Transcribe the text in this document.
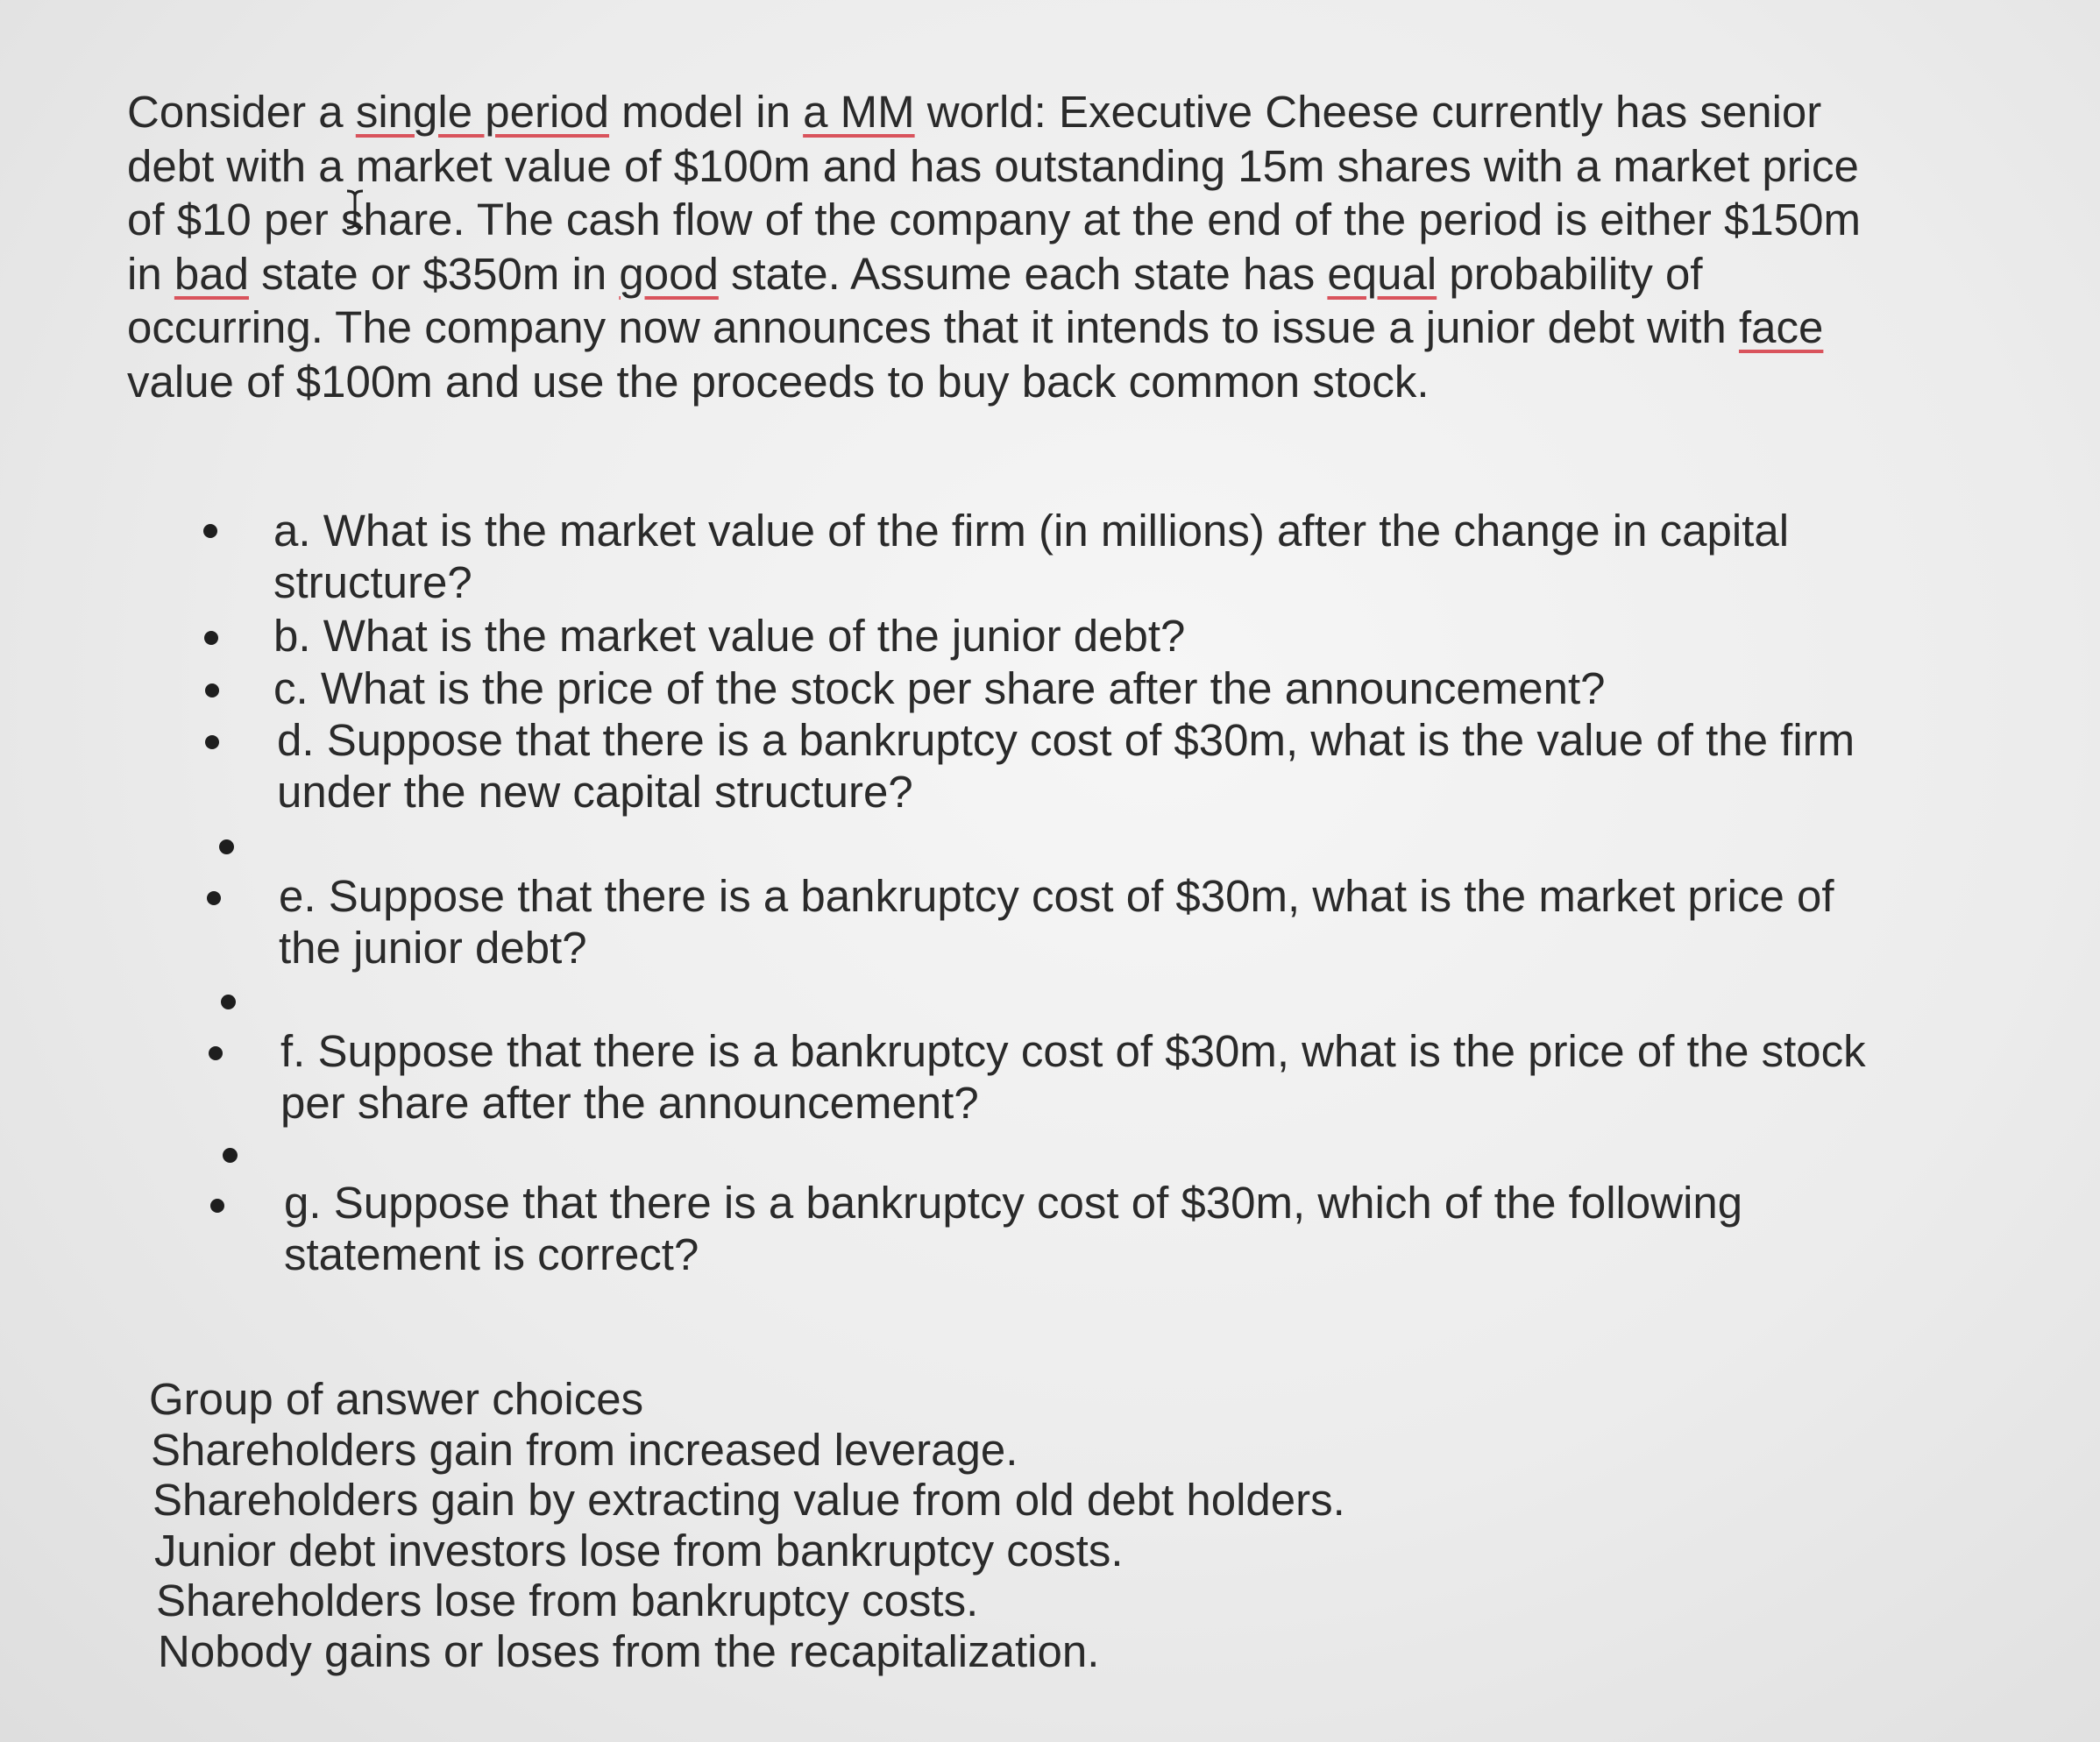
Consider a single period model in a MM world: Executive Cheese currently has senior
debt with a market value of $100m and has outstanding 15m shares with a market price
of $10 per share. The cash flow of the company at the end of the period is either $150m
in bad state or $350m in good state. Assume each state has equal probability of
occurring. The company now announces that it intends to issue a junior debt with face
value of $100m and use the proceeds to buy back common stock.

a. What is the market value of the firm (in millions) after the change in capital
structure?
b. What is the market value of the junior debt?
c. What is the price of the stock per share after the announcement?
d. Suppose that there is a bankruptcy cost of $30m, what is the value of the firm
under the new capital structure?
e. Suppose that there is a bankruptcy cost of $30m, what is the market price of
the junior debt?
f. Suppose that there is a bankruptcy cost of $30m, what is the price of the stock
per share after the announcement?
g. Suppose that there is a bankruptcy cost of $30m, which of the following
statement is correct?
Group of answer choices
Shareholders gain from increased leverage.
Shareholders gain by extracting value from old debt holders.
Junior debt investors lose from bankruptcy costs.
Shareholders lose from bankruptcy costs.
Nobody gains or loses from the recapitalization.
